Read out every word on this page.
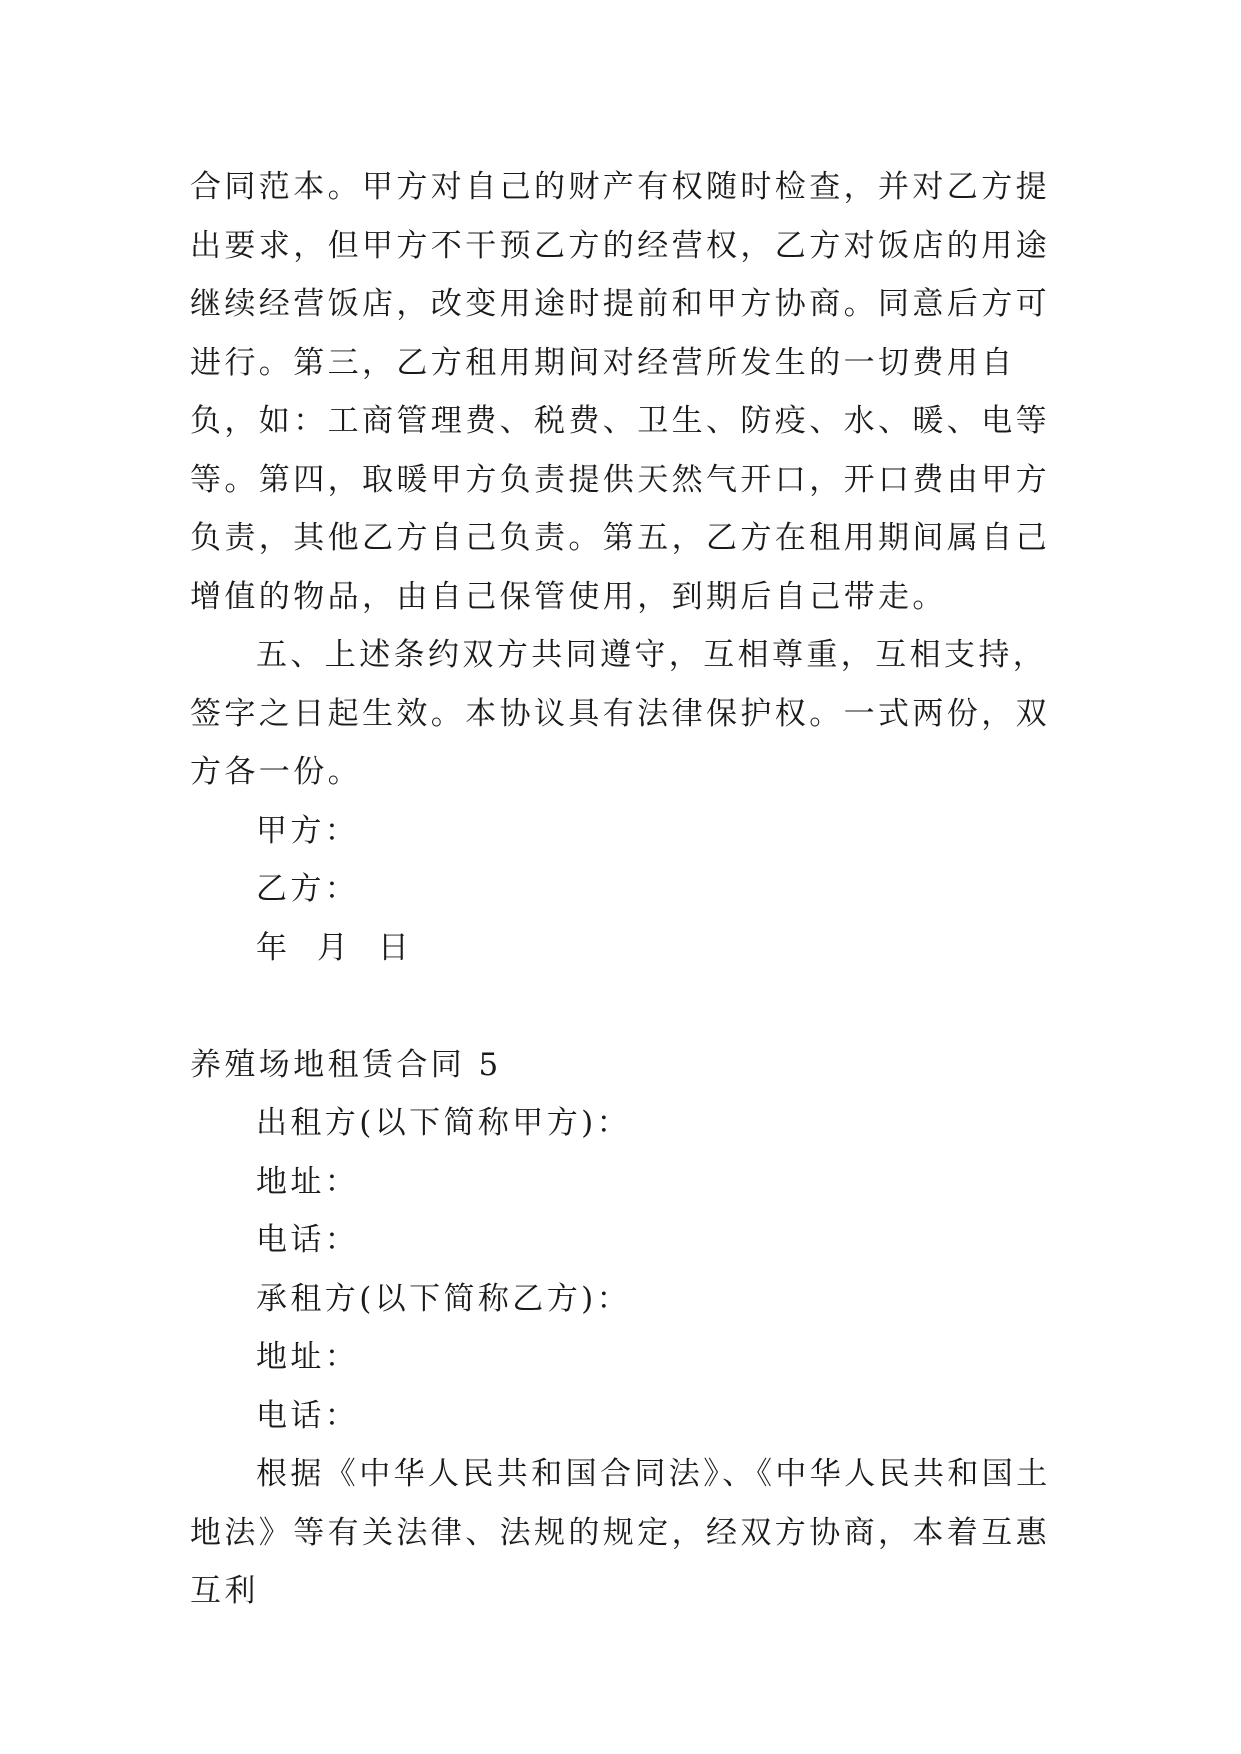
合同范本。甲方对自己的财产有权随时检查，并对乙方提出要求，但甲方不干预乙方的经营权，乙方对饭店的用途继续经营饭店，改变用途时提前和甲方协商。同意后方可进行。第三，乙方租用期间对经营所发生的一切费用自负，如：工商管理费、税费、卫生、防疫、水、暖、电等等。第四，取暖甲方负责提供天然气开口，开口费由甲方负责，其他乙方自己负责。第五，乙方在租用期间属自己增值的物品，由自己保管使用，到期后自己带走。

五、上述条约双方共同遵守，互相尊重，互相支持，签字之日起生效。本协议具有法律保护权。一式两份，双方各一份。

甲方：

乙方：

年  月  日

养殖场地租赁合同 5

出租方(以下简称甲方)：

地址：

电话：

承租方(以下简称乙方)：

地址：

电话：

根据《中华人民共和国合同法》、《中华人民共和国土地法》等有关法律、法规的规定，经双方协商，本着互惠互利
